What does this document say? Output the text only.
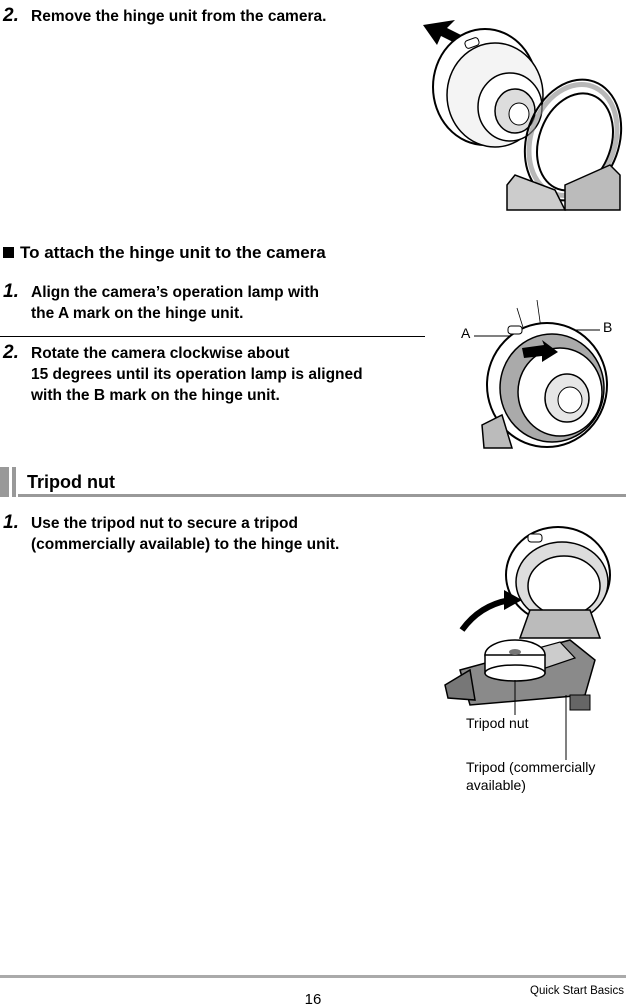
2. Remove the hinge unit from the camera.
To attach the hinge unit to the camera
1. Align the camera’s operation lamp with
the A mark on the hinge unit.
2. Rotate the camera clockwise about
15 degrees until its operation lamp is aligned
with the B mark on the hinge unit.
A	B
Tripod nut
1. Use the tripod nut to secure a tripod
(commercially available) to the hinge unit.
Tripod nut
Tripod (commercially
available)
Quick Start Basics
16
